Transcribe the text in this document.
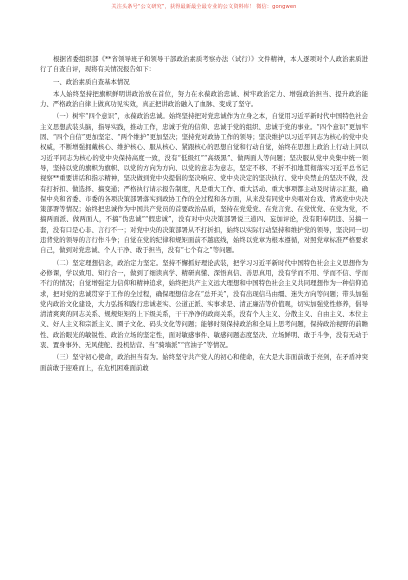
关注头条号“公文研究”，获得最新最全最专业的公文资料库！ 微信：gongwen

根据省委组织部《**省领导班子和领导干部政治素质考察办法（试行）》文件精神，本人逐项对个人政治素质进行了自查自评，现将有关情况报告如下：

一、政治素质自查基本情况

本人始终坚持把旗帜鲜明讲政治放在首位，努力在永葆政治忠诚、树牢政治定力、增强政治担当、提升政治能力、严格政治自律上做真功见实效，真正把讲政治融入了血脉、变成了坚守。

（一）树牢“四个意识”，永葆政治忠诚。始终坚持把对党忠诚作为立身之本，自觉用习近平新时代中国特色社会主义思想武装头脑，指导实践，推动工作，忠诚于党的信仰、忠诚于党的组织、忠诚于党的事业。“四个意识”更加牢固、“四个自信”更加坚定、“两个维护”更加坚决；坚持党对政协工作的领导；坚决维护以习近平同志为核心的党中央权威，不断增强拥戴核心、维护核心、服从核心、紧跟核心的思想自觉和行动自觉，始终在思想上政治上行动上同以习近平同志为核心的党中央保持高度一致，没有“低级红”“高级黑”、做两面人等问题；坚决服从党中央集中统一领导，坚持以党的旗帜为旗帜、以党的方向为方向、以党的意志为意志，坚定不移、不折不扣地贯彻落实习近平总书记视察**重要讲话和指示精神，坚决做到党中央提倡的坚决响应、党中央决定的坚决执行、党中央禁止的坚决不做，没有打折扣、做选择、搞变通；严格执行请示报告制度，凡是重大工作、重大活动、重大事项都主动及时请示汇报，确保中央和省委、市委的各项决策部署落实到政协工作的全过程和各方面，从来没有同党中央唱对台戏、背离党中央决策部署等情况；始终把忠诚作为中国共产党员的首要政治品质，坚持在党爱党、在党言党、在党忧党、在党为党，不搞两面派、做两面人，不搞“伪忠诚”“假忠诚”，没有对中央决策部署说三道四、妄加评论，没有阳奉阴违、另搞一套，没有口是心非、言行不一；对党中央的决策部署从不打折扣，始终以实际行动坚持和维护党的领导，坚决同一切违背党的领导的言行作斗争；自觉在党的纪律和规矩面前不越底线，始终以党章为根本遵循，对照党章标准严格要求自己，做到对党忠诚、个人干净、敢于担当，没有“七个有之”等问题。

（二）坚定理想信念，政治定力坚定。坚持不懈抓好理论武装，把学习习近平新时代中国特色社会主义思想作为必修课，学以致用、知行合一，做到了细读真学、精研真懂、深悟真信、善思真用，没有学而不用、学而不信、学而不行的情况；自觉增强定力信仰和精神追求，始终把共产主义远大理想和中国特色社会主义共同理想作为一种信仰追求，把对党的忠诚贯穿于工作的全过程，确保理想信念在“总开关”，没有出现信马由缰、迷失方向等问题；带头加强党内政治文化建设，大力弘扬和践行忠诚老实、公道正派、实事求是、清正廉洁等价值观，切实加强党性修养，倡导清清爽爽的同志关系、规规矩矩的上下级关系，干干净净的政商关系，没有个人主义、分散主义、自由主义、本位主义、好人主义和宗派主义、圈子文化、码头文化等问题；能够时刻保持政治和全局上思考问题，保持政治视野的前瞻性、政治眼光的敏锐性、政治立场的坚定性，面对敏感事件、敏感问题态度坚决、立场鲜明、敢于斗争，没有无动于衷、置身事外、无风使舵、投机钻营、当“骑墙派”“官油子”等情况。

（三）坚守初心使命，政治担当有为。始终坚守共产党人的初心和使命，在大是大非面前敢于亮剑，在矛盾冲突面前敢于迎难而上，在危机困难面前敢
